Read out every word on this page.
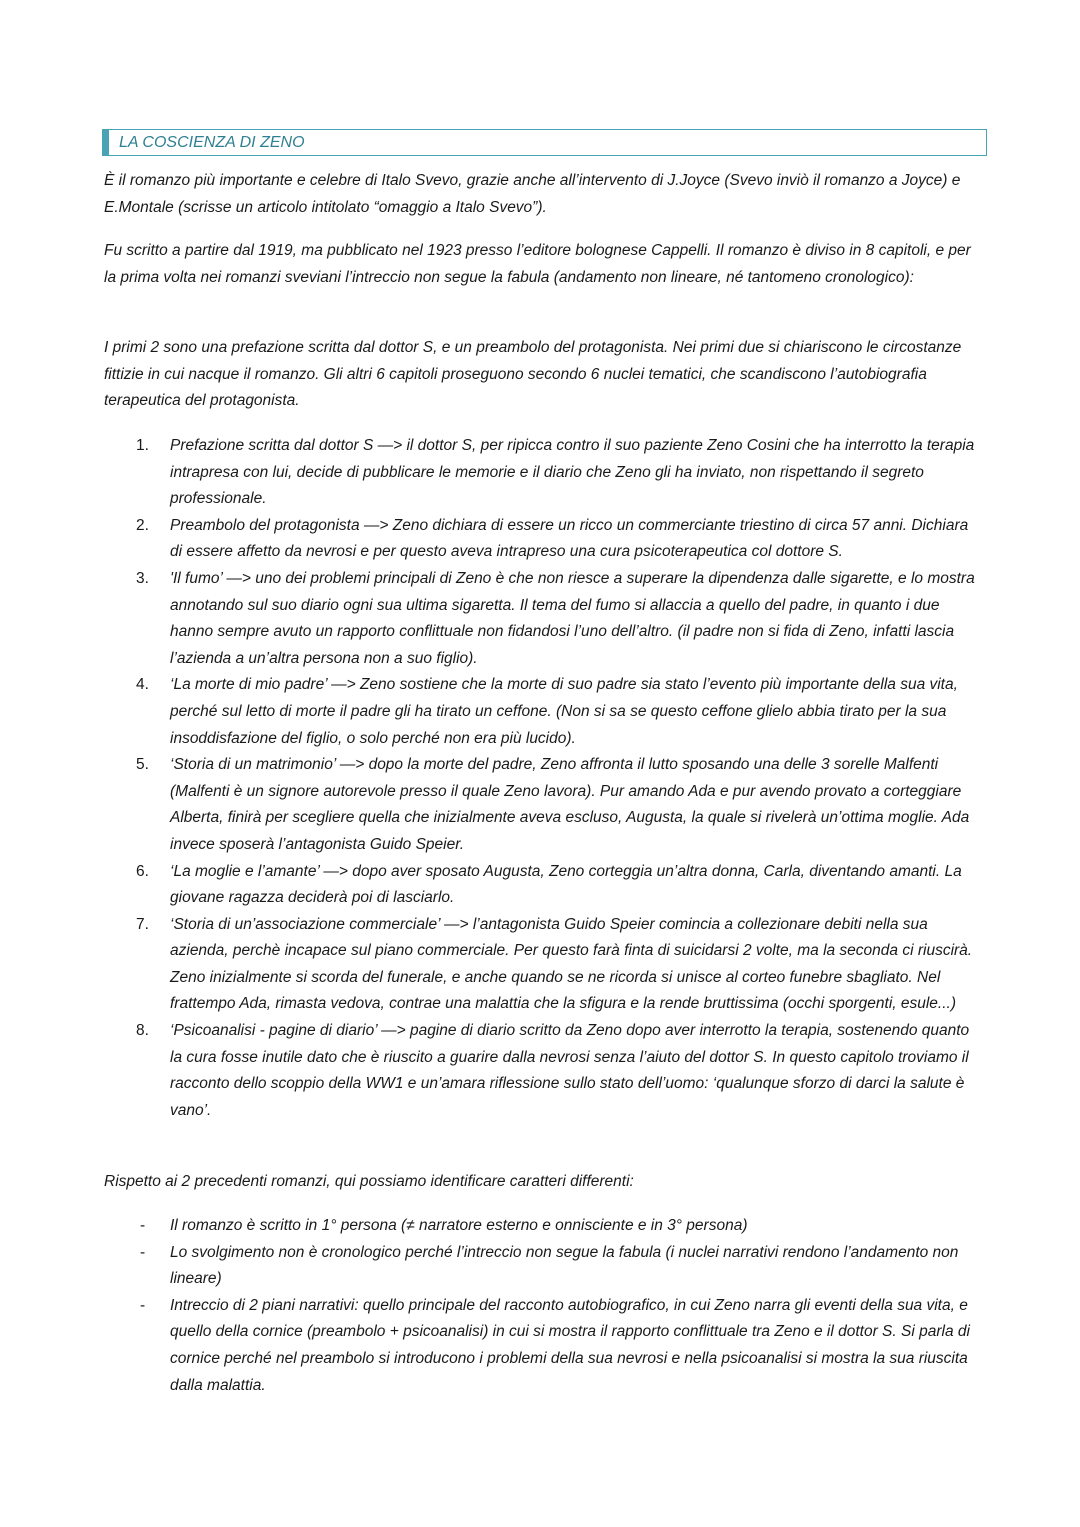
LA COSCIENZA DI ZENO

È il romanzo più importante e celebre di Italo Svevo, grazie anche all’intervento di J.Joyce (Svevo inviò il romanzo a Joyce) e E.Montale (scrisse un articolo intitolato “omaggio a Italo Svevo”).

Fu scritto a partire dal 1919, ma pubblicato nel 1923 presso l’editore bolognese Cappelli. Il romanzo è diviso in 8 capitoli, e per la prima volta nei romanzi sveviani l’intreccio non segue la fabula (andamento non lineare, né tantomeno cronologico):

I primi 2 sono una prefazione scritta dal dottor S, e un preambolo del protagonista. Nei primi due si chiariscono le circostanze fittizie in cui nacque il romanzo. Gli altri 6 capitoli proseguono secondo 6 nuclei tematici, che scandiscono l’autobiografia terapeutica del protagonista.

1. Prefazione scritta dal dottor S —> il dottor S, per ripicca contro il suo paziente Zeno Cosini che ha interrotto la terapia intrapresa con lui, decide di pubblicare le memorie e il diario che Zeno gli ha inviato, non rispettando il segreto professionale.
2. Preambolo del protagonista —> Zeno dichiara di essere un ricco un commerciante triestino di circa 57 anni. Dichiara di essere affetto da nevrosi e per questo aveva intrapreso una cura psicoterapeutica col dottore S.
3. 'Il fumo’ —> uno dei problemi principali di Zeno è che non riesce a superare la dipendenza dalle sigarette, e lo mostra annotando sul suo diario ogni sua ultima sigaretta. Il tema del fumo si allaccia a quello del padre, in quanto i due hanno sempre avuto un rapporto conflittuale non fidandosi l’uno dell’altro. (il padre non si fida di Zeno, infatti lascia l’azienda a un’altra persona non a suo figlio).
4. ‘La morte di mio padre’ —> Zeno sostiene che la morte di suo padre sia stato l’evento più importante della sua vita, perché sul letto di morte il padre gli ha tirato un ceffone. (Non si sa se questo ceffone glielo abbia tirato per la sua insoddisfazione del figlio, o solo perché non era più lucido).
5. ‘Storia di un matrimonio’ —> dopo la morte del padre, Zeno affronta il lutto sposando una delle 3 sorelle Malfenti (Malfenti è un signore autorevole presso il quale Zeno lavora). Pur amando Ada e pur avendo provato a corteggiare Alberta, finirà per scegliere quella che inizialmente aveva escluso, Augusta, la quale si rivelerà un’ottima moglie. Ada invece sposerà l’antagonista Guido Speier.
6. ‘La moglie e l’amante’ —> dopo aver sposato Augusta, Zeno corteggia un’altra donna, Carla, diventando amanti. La giovane ragazza deciderà poi di lasciarlo.
7. ‘Storia di un’associazione commerciale’ —> l’antagonista Guido Speier comincia a collezionare debiti nella sua azienda, perchè incapace sul piano commerciale. Per questo farà finta di suicidarsi 2 volte, ma la seconda ci riuscirà. Zeno inizialmente si scorda del funerale, e anche quando se ne ricorda si unisce al corteo funebre sbagliato. Nel frattempo Ada, rimasta vedova, contrae una malattia che la sfigura e la rende bruttissima (occhi sporgenti, esule...)
8. ‘Psicoanalisi - pagine di diario’ —> pagine di diario scritto da Zeno dopo aver interrotto la terapia, sostenendo quanto la cura fosse inutile dato che è riuscito a guarire dalla nevrosi senza l’aiuto del dottor S. In questo capitolo troviamo il racconto dello scoppio della WW1 e un’amara riflessione sullo stato dell’uomo: ‘qualunque sforzo di darci la salute è vano’.

Rispetto ai 2 precedenti romanzi, qui possiamo identificare caratteri differenti:

- Il romanzo è scritto in 1° persona (≠ narratore esterno e onnisciente e in 3° persona)
- Lo svolgimento non è cronologico perché l’intreccio non segue la fabula (i nuclei narrativi rendono l’andamento non lineare)
- Intreccio di 2 piani narrativi: quello principale del racconto autobiografico, in cui Zeno narra gli eventi della sua vita, e quello della cornice (preambolo + psicoanalisi) in cui si mostra il rapporto conflittuale tra Zeno e il dottor S. Si parla di cornice perché nel preambolo si introducono i problemi della sua nevrosi e nella psicoanalisi si mostra la sua riuscita dalla malattia.
